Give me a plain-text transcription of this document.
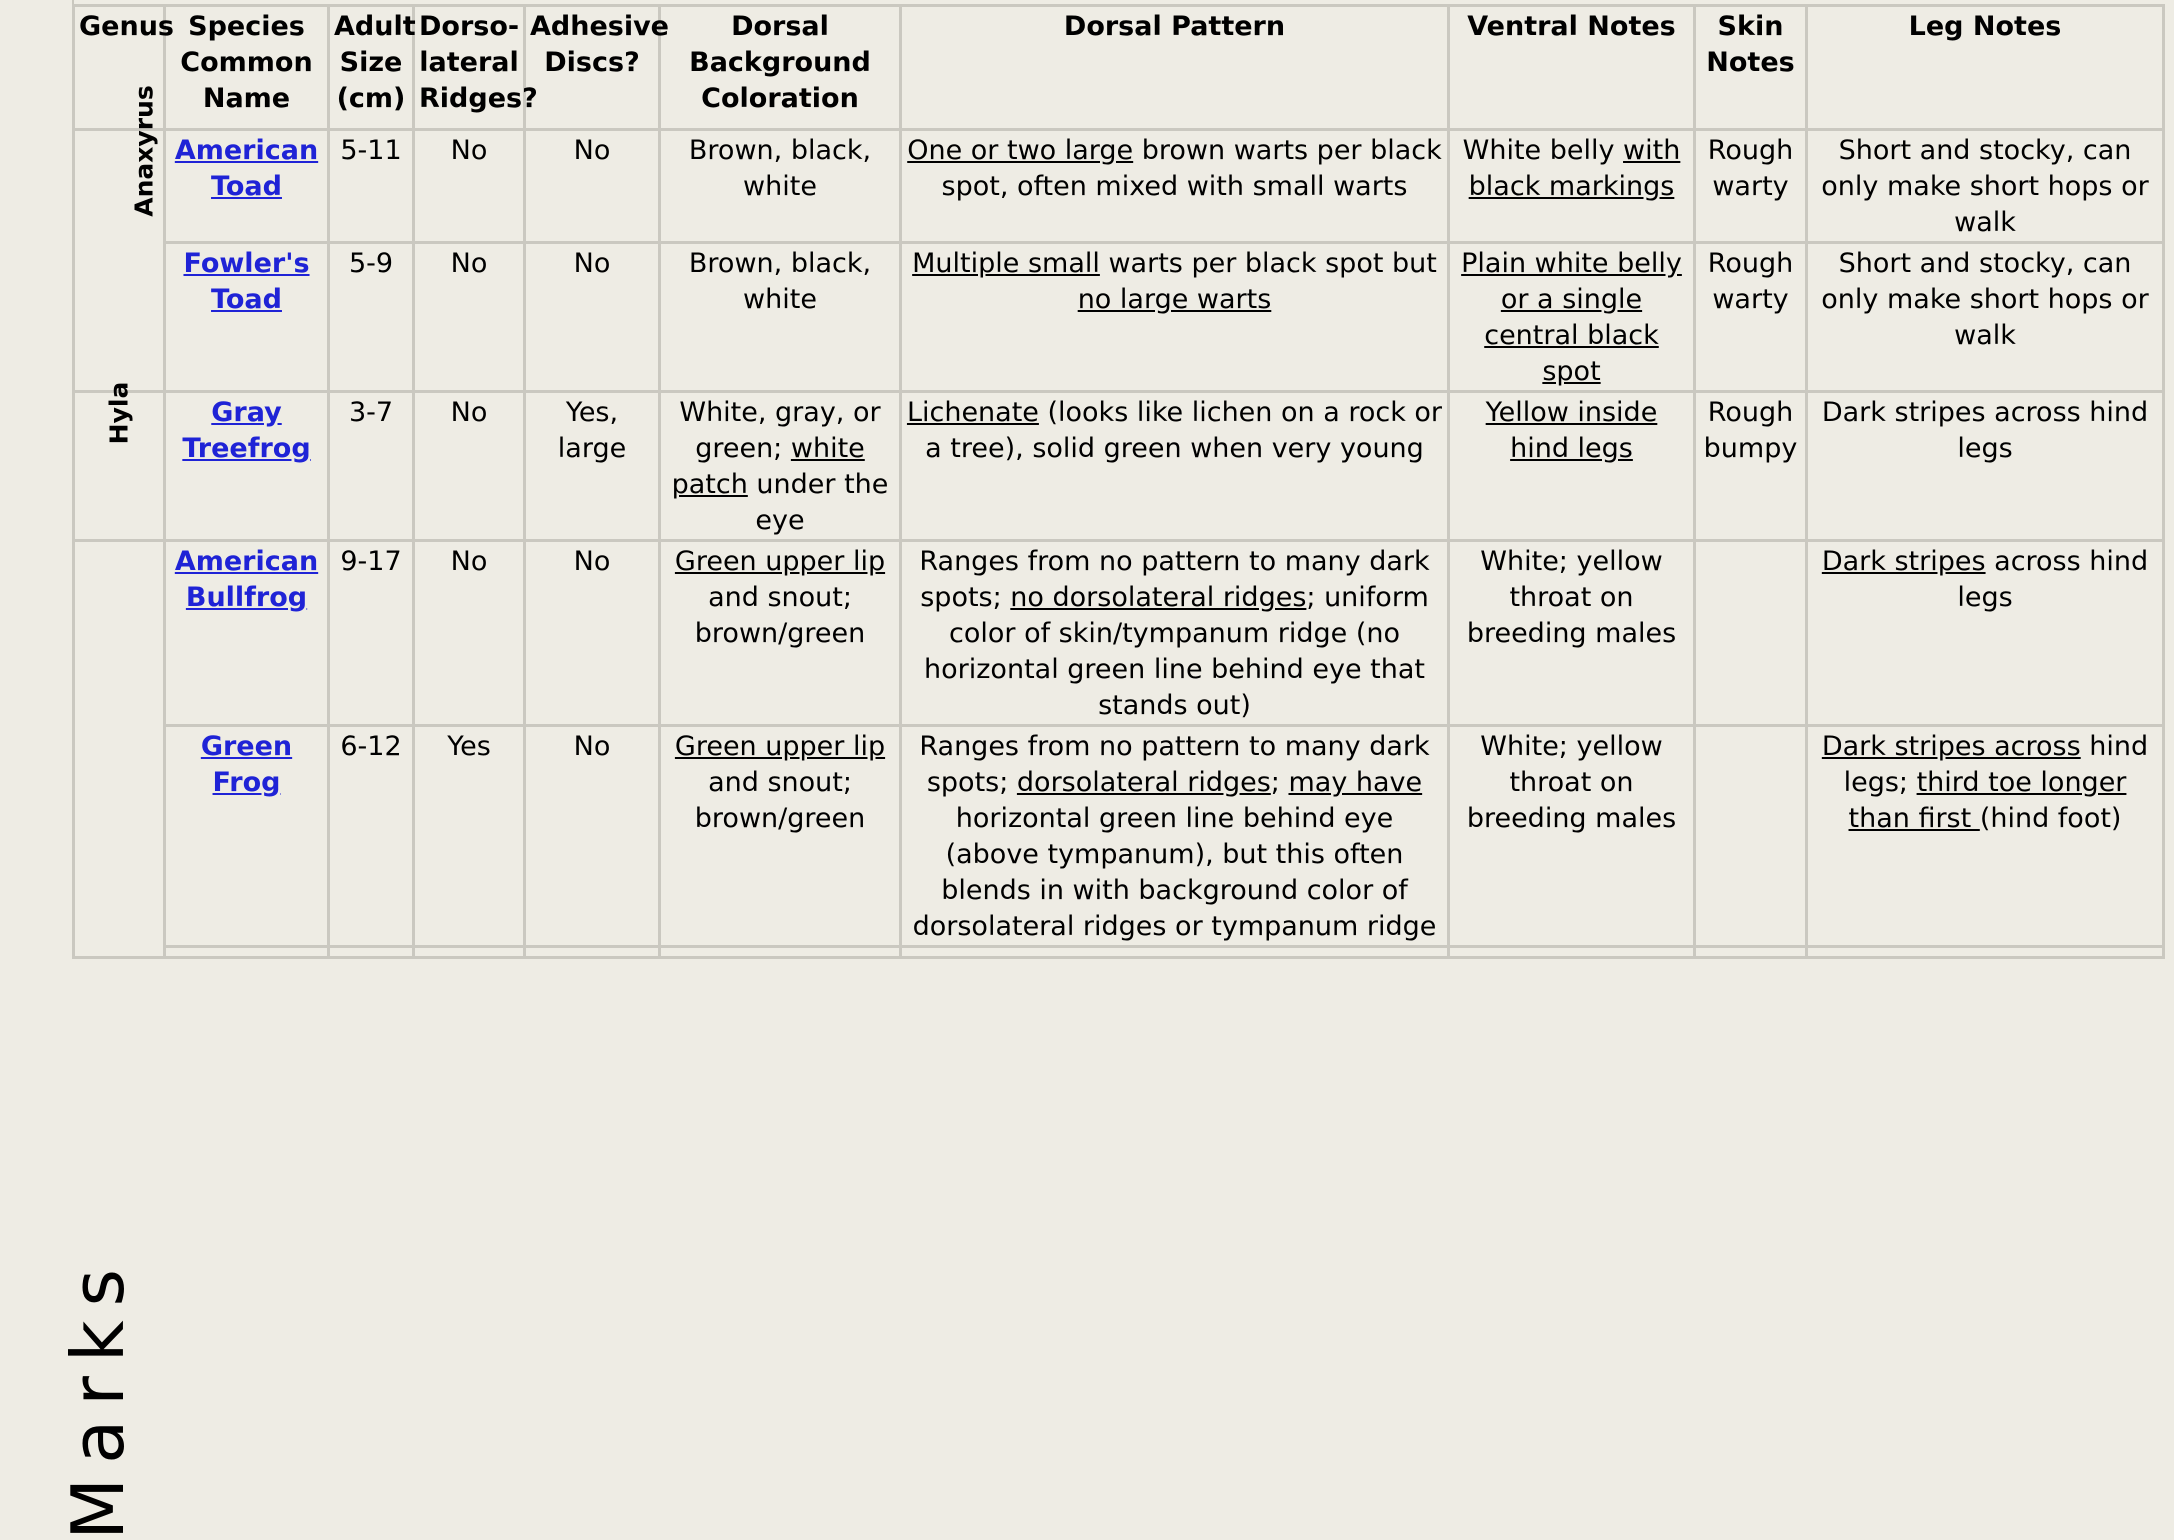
Marks
Genus	Species Common Name	Adult Size (cm)	Dorso-lateral Ridges?	Adhesive Discs?	Dorsal Background Coloration	Dorsal Pattern	Ventral Notes	Skin Notes	Leg Notes
Anaxyrus	American Toad	5-11	No	No	Brown, black, white	One or two large brown warts per black spot, often mixed with small warts	White belly with black markings	Rough warty	Short and stocky, can only make short hops or walk
	Fowler's Toad	5-9	No	No	Brown, black, white	Multiple small warts per black spot but no large warts	Plain white belly or a single central black spot	Rough warty	Short and stocky, can only make short hops or walk
Hyla	Gray Treefrog	3-7	No	Yes, large	White, gray, or green; white patch under the eye	Lichenate (looks like lichen on a rock or a tree), solid green when very young	Yellow inside hind legs	Rough bumpy	Dark stripes across hind legs
	American Bullfrog	9-17	No	No	Green upper lip and snout; brown/green	Ranges from no pattern to many dark spots; no dorsolateral ridges; uniform color of skin/tympanum ridge (no horizontal green line behind eye that stands out)	White; yellow throat on breeding males		Dark stripes across hind legs
	Green Frog	6-12	Yes	No	Green upper lip and snout; brown/green	Ranges from no pattern to many dark spots; dorsolateral ridges; may have horizontal green line behind eye (above tympanum), but this often blends in with background color of dorsolateral ridges or tympanum ridge	White; yellow throat on breeding males		Dark stripes across hind legs; third toe longer than first (hind foot)
